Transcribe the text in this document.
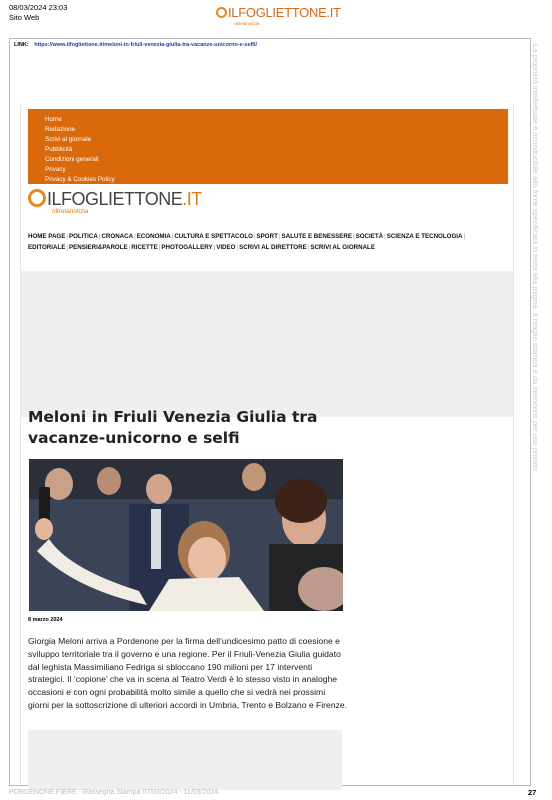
08/03/2024 23:03
Sito Web	ILFOGLIETTONE.IT
oltrelanotizia
LINK: https://www.ilfogliettone.it/meloni-in-friuli-venezia-giulia-tra-vacanze-unicorno-e-selfi/	La proprietà intellettuale è riconducibile alla fonte specificata in testa alla pagina. Il ritaglio stampa è da intendersi per uso privato
Home
Redazione
Scrivi al giornale
Pubblicità
Condizioni generali
Privacy
Privacy & Cookies Policy
ILFOGLIETTONE.IT
oltrelanotizia
HOME PAGE|POLITICA|CRONACA|ECONOMIA|CULTURA E SPETTACOLO|SPORT|SALUTE E BENESSERE|SOCIETÀ|SCIENZA E TECNOLOGIA|
EDITORIALE|PENSIERI&PAROLE|RICETTE|PHOTOGALLERY|VIDEO|SCRIVI AL DIRETTORE|SCRIVI AL GIORNALE
Meloni in Friuli Venezia Giulia tra vacanze-unicorno e selfi
8 marzo 2024

Giorgia Meloni arriva a Pordenone per la firma dell’undicesimo patto di coesione e sviluppo territoriale tra il governo e una regione. Per il Friuli-Venezia Giulia guidato dal leghista Massimiliano Fedriga si sbloccano 190 milioni per 17 interventi strategici. Il ‘copione’ che va in scena al Teatro Verdi è lo stesso visto in analoghe occasioni e con ogni probabilità molto simile a quello che si vedrà nei prossimi giorni per la sottoscrizione di ulteriori accordi in Umbria, Trento e Bolzano e Firenze.

PORDENONE FIERE - Rassegna Stampa 07/03/2024 - 11/03/2024	27
